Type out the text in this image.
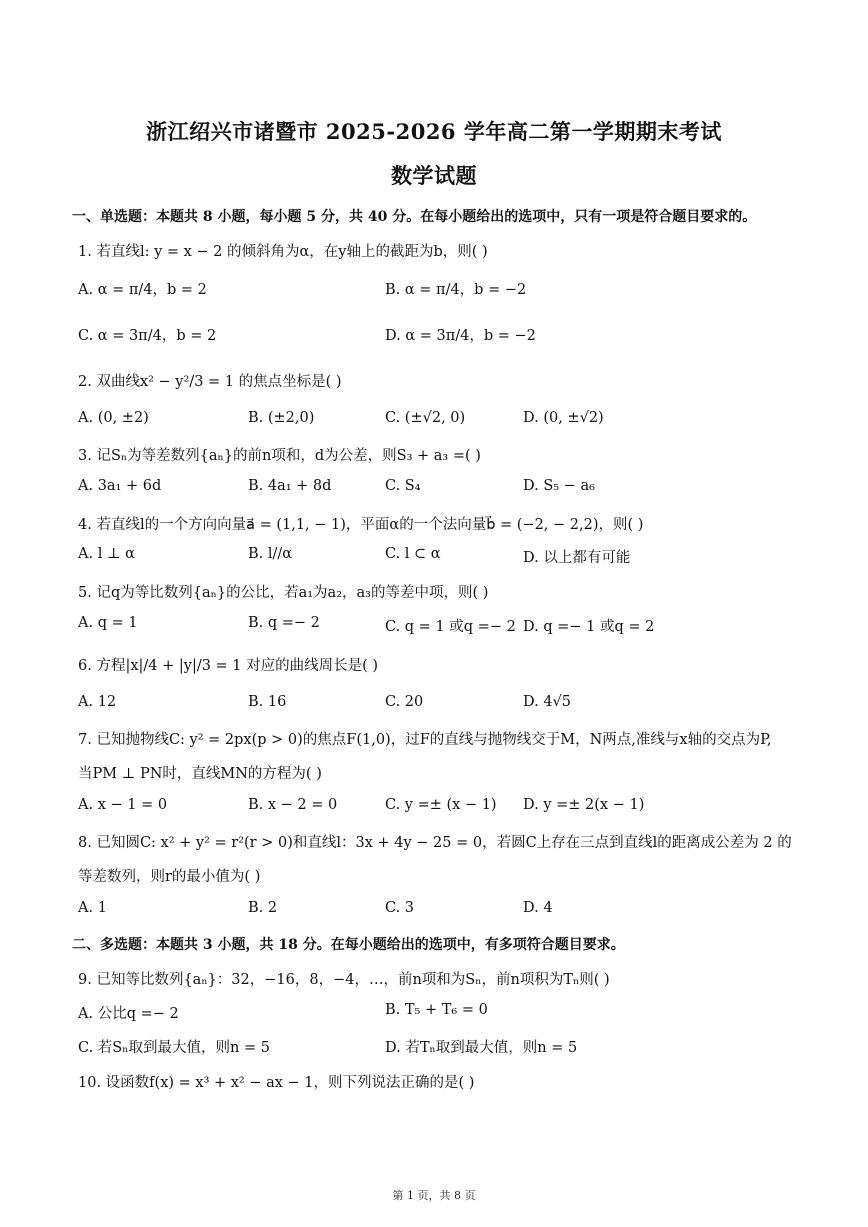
浙江绍兴市诸暨市 2025-2026 学年高二第一学期期末考试
数学试题
一、单选题：本题共 8 小题，每小题 5 分，共 40 分。在每小题给出的选项中，只有一项是符合题目要求的。
1. 若直线l: y = x − 2 的倾斜角为α，在y轴上的截距为b，则( )
A. α = π/4，b = 2	B. α = π/4，b = −2
C. α = 3π/4，b = 2	D. α = 3π/4，b = −2
2. 双曲线x² − y²/3 = 1 的焦点坐标是( )
A. (0, ±2)	B. (±2,0)	C. (±√2, 0)	D. (0, ±√2)
3. 记Sₙ为等差数列{aₙ}的前n项和，d为公差，则S₃ + a₃ =( )
A. 3a₁ + 6d	B. 4a₁ + 8d	C. S₄	D. S₅ − a₆
4. 若直线l的一个方向向量a⃗ = (1,1, − 1)，平面α的一个法向量b⃗ = (−2, − 2,2)，则( )
A. l ⊥ α	B. l//α	C. l ⊂ α	D. 以上都有可能
5. 记q为等比数列{aₙ}的公比，若a₁为a₂，a₃的等差中项，则( )
A. q = 1	B. q =− 2	C. q = 1 或q =− 2 D. q =− 1 或q = 2
6. 方程|x|/4 + |y|/3 = 1 对应的曲线周长是( )
A. 12	B. 16	C. 20	D. 4√5
7. 已知抛物线C: y² = 2px(p > 0)的焦点F(1,0)，过F的直线与抛物线交于M，N两点,准线与x轴的交点为P,
当PM ⊥ PN时，直线MN的方程为( )
A. x − 1 = 0	B. x − 2 = 0	C. y =± (x − 1) D. y =± 2(x − 1)
8. 已知圆C: x² + y² = r²(r > 0)和直线l：3x + 4y − 25 = 0，若圆C上存在三点到直线l的距离成公差为 2 的
等差数列，则r的最小值为( )
A. 1	B. 2	C. 3	D. 4
二、多选题：本题共 3 小题，共 18 分。在每小题给出的选项中，有多项符合题目要求。
9. 已知等比数列{aₙ}：32，−16，8，−4，…，前n项和为Sₙ，前n项积为Tₙ则( )
A. 公比q =− 2	B. T₅ + T₆ = 0
C. 若Sₙ取到最大值，则n = 5	D. 若Tₙ取到最大值，则n = 5
10. 设函数f(x) = x³ + x² − ax − 1，则下列说法正确的是( )
第 1 页，共 8 页
